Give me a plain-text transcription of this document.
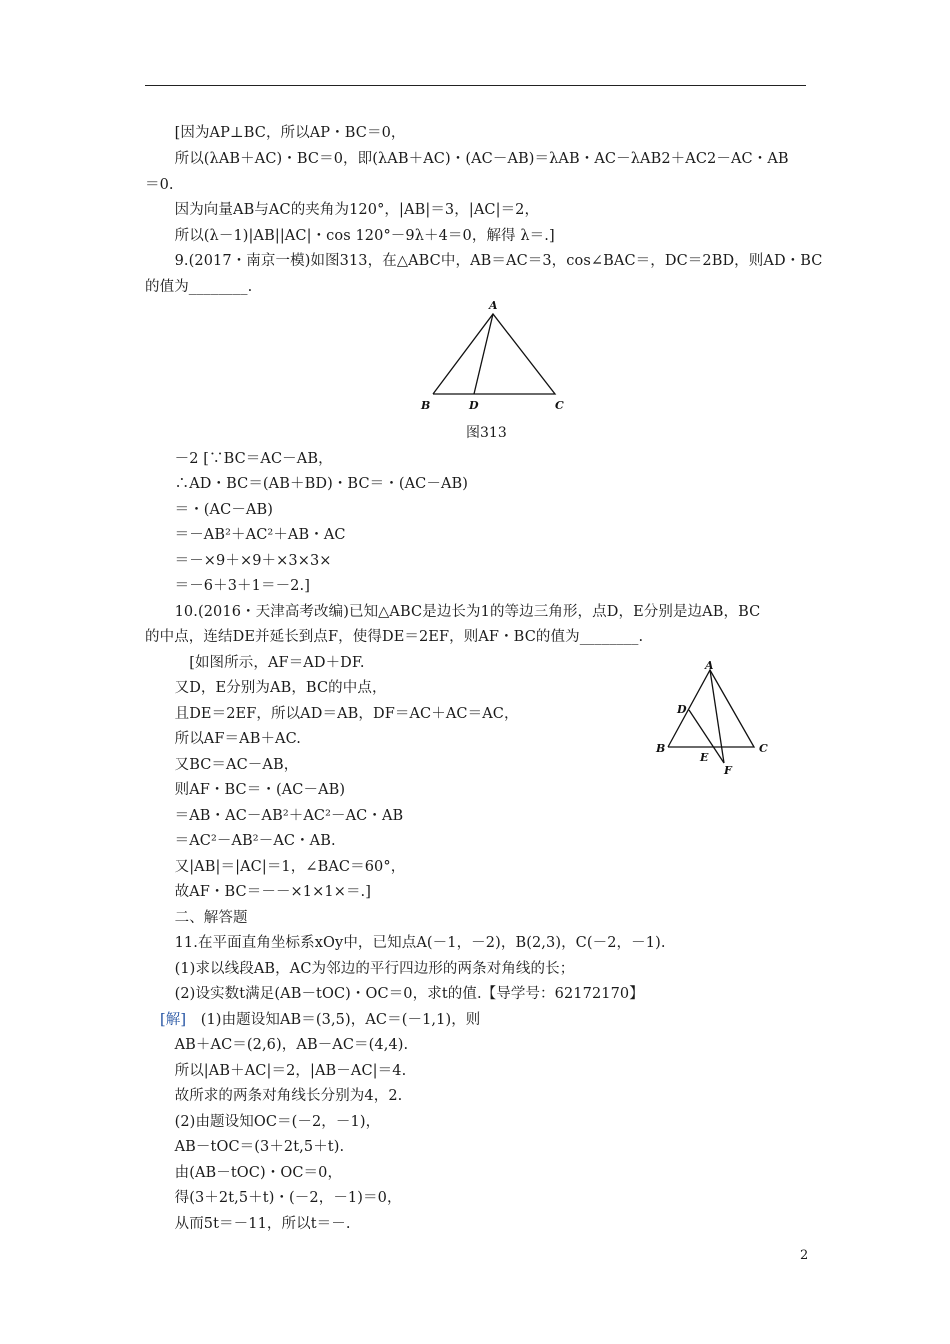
　[因为AP⊥BC，所以AP・BC＝0，
　所以(λAB＋AC)・BC＝0，即(λAB＋AC)・(AC－AB)＝λAB・AC－λAB2＋AC2－AC・AB
＝0.
　因为向量AB与AC的夹角为120°，|AB|＝3，|AC|＝2，
　所以(λ－1)|AB||AC|・cos 120°－9λ＋4＝0，解得 λ＝.]
　9.(2017・南京一模)如图313，在△ABC中，AB＝AC＝3，cos∠BAC＝，DC＝2BD，则AD・BC
的值为________.
A
B	D	C
图313
　－2 [∵BC＝AC－AB，
　∴AD・BC＝(AB＋BD)・BC＝・(AC－AB)
　＝・(AC－AB)
　＝－AB²＋AC²＋AB・AC
　＝－×9＋×9＋×3×3×
　＝－6＋3＋1＝－2.]
　10.(2016・天津高考改编)已知△ABC是边长为1的等边三角形，点D，E分别是边AB，BC
的中点，连结DE并延长到点F，使得DE＝2EF，则AF・BC的值为________.
　　[如图所示，AF＝AD＋DF.
　又D，E分别为AB，BC的中点，
　且DE＝2EF，所以AD＝AB，DF＝AC＋AC＝AC，
　所以AF＝AB＋AC.
　又BC＝AC－AB，
　则AF・BC＝・(AC－AB)
　＝AB・AC－AB²＋AC²－AC・AB
　＝AC²－AB²－AC・AB.
　又|AB|＝|AC|＝1，∠BAC＝60°，
　故AF・BC＝－－×1×1×＝.]
　二、解答题
　11.在平面直角坐标系xOy中，已知点A(－1，－2)，B(2,3)，C(－2，－1).
　(1)求以线段AB，AC为邻边的平行四边形的两条对角线的长；
　(2)设实数t满足(AB－tOC)・OC＝0，求t的值.【导学号：62172170】
A
D
B	C
E
F
[解]　(1)由题设知AB＝(3,5)，AC＝(－1,1)，则
　AB＋AC＝(2,6)，AB－AC＝(4,4).
　所以|AB＋AC|＝2，|AB－AC|＝4.
　故所求的两条对角线长分别为4，2.
　(2)由题设知OC＝(－2，－1)，
　AB－tOC＝(3＋2t,5＋t).
　由(AB－tOC)・OC＝0，
　得(3＋2t,5＋t)・(－2，－1)＝0，
　从而5t＝－11，所以t＝－.
2
